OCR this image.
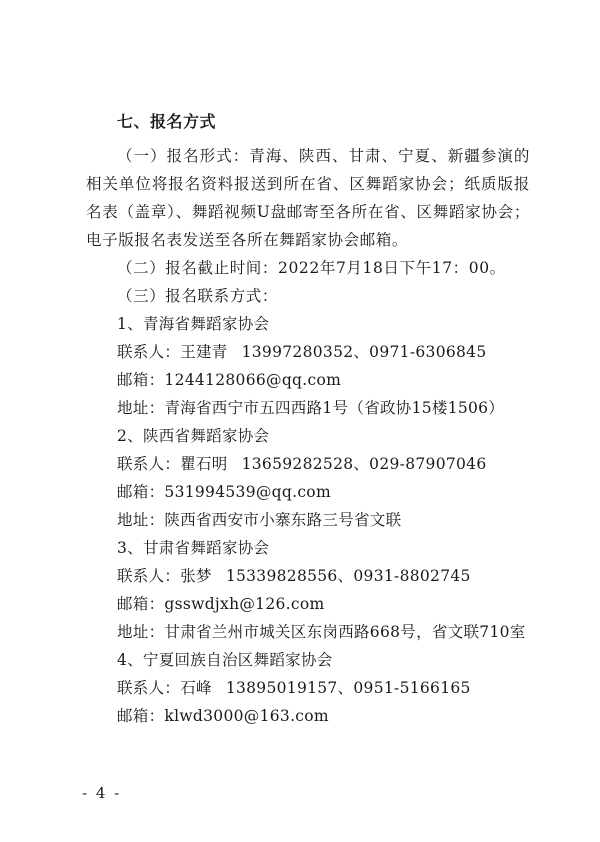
七、报名方式

（一）报名形式：青海、陕西、甘肃、宁夏、新疆参演的相关单位将报名资料报送到所在省、区舞蹈家协会；纸质版报名表（盖章）、舞蹈视频U盘邮寄至各所在省、区舞蹈家协会；电子版报名表发送至各所在舞蹈家协会邮箱。

（二）报名截止时间：2022年7月18日下午17：00。

（三）报名联系方式：

1、青海省舞蹈家协会

联系人：王建青 13997280352、0971-6306845

邮箱：1244128066@qq.com

地址：青海省西宁市五四西路1号（省政协15楼1506）

2、陕西省舞蹈家协会

联系人：瞿石明 13659282528、029-87907046

邮箱：531994539@qq.com

地址：陕西省西安市小寨东路三号省文联

3、甘肃省舞蹈家协会

联系人：张梦 15339828556、0931-8802745

邮箱：gsswdjxh@126.com

地址：甘肃省兰州市城关区东岗西路668号，省文联710室

4、宁夏回族自治区舞蹈家协会

联系人：石峰 13895019157、0951-5166165

邮箱：klwd3000@163.com

- 4 -
